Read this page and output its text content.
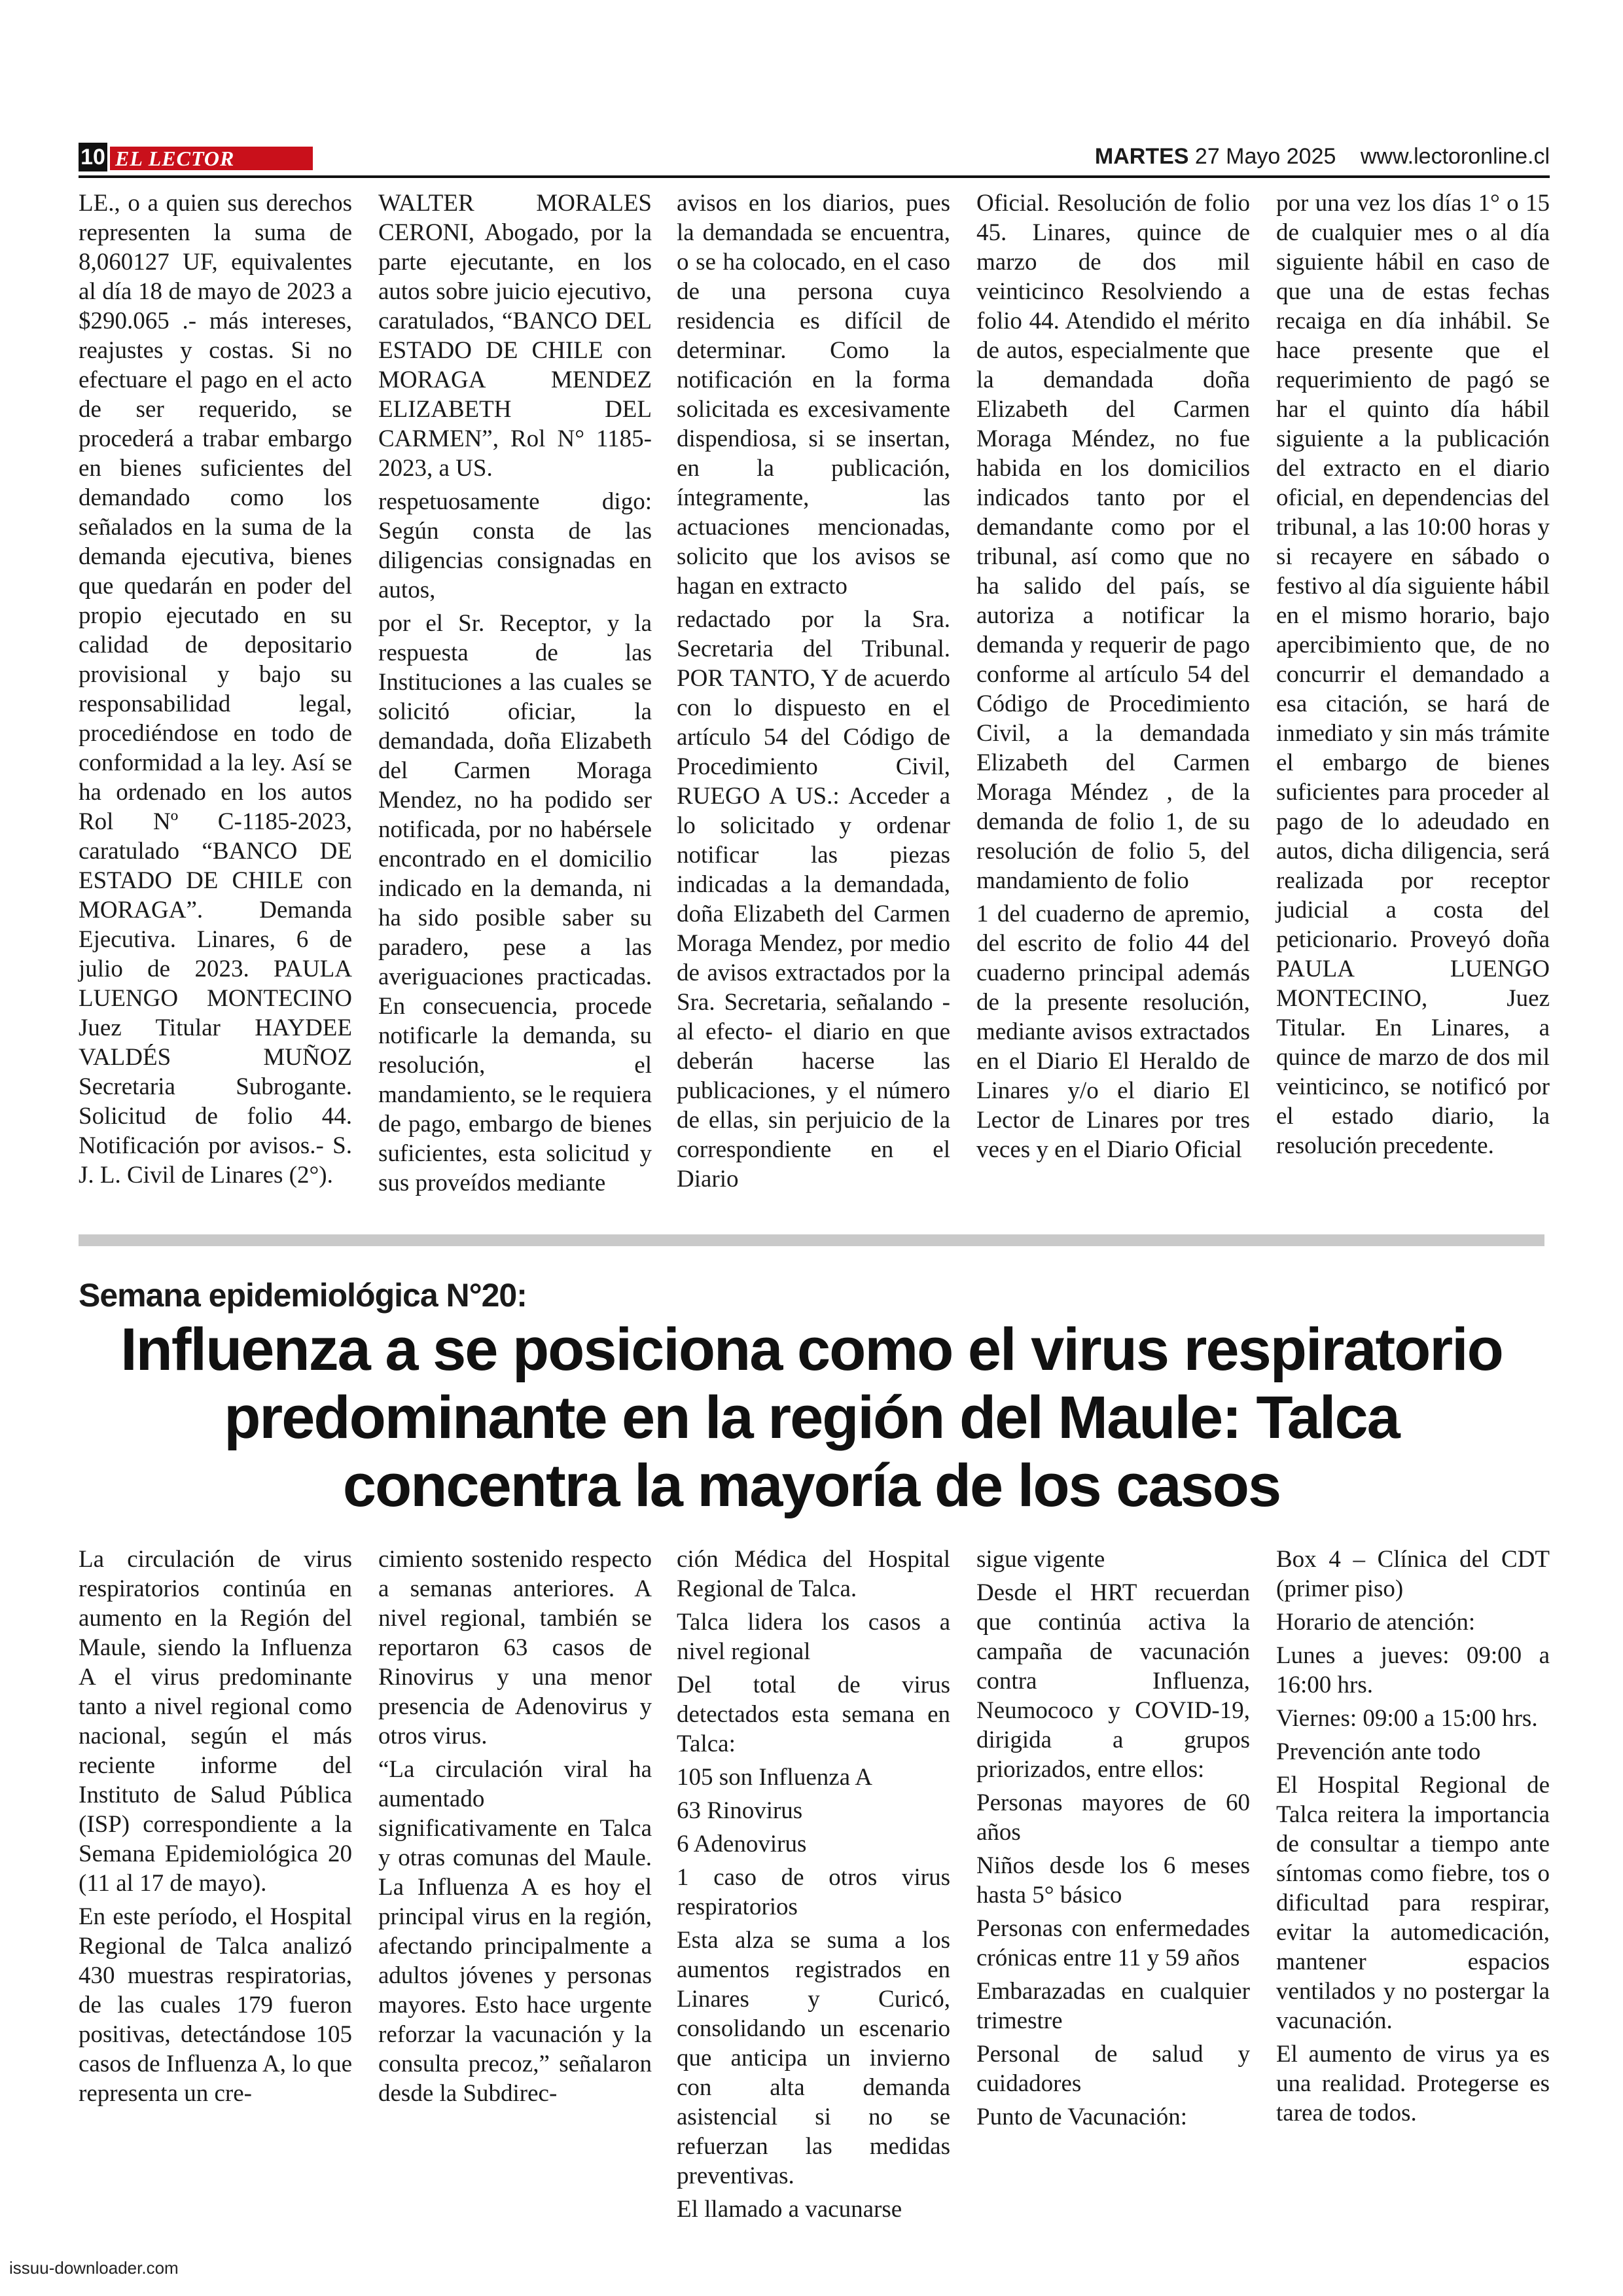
10 EL LECTOR	MARTES 27 Mayo 2025 www.lectoronline.cl

LE., o a quien sus derechos representen la suma de 8,060127 UF, equivalentes al día 18 de mayo de 2023 a $290.065 .- más intereses, reajustes y costas. Si no efectuare el pago en el acto de ser requerido, se procederá a trabar embargo en bienes suficientes del demandado como los señalados en la suma de la demanda ejecutiva, bienes que quedarán en poder del propio ejecutado en su calidad de depositario provisional y bajo su responsabilidad legal, procediéndose en todo de conformidad a la ley. Así se ha ordenado en los autos Rol Nº C-1185-2023, caratulado “BANCO DE ESTADO DE CHILE con MORAGA”. Demanda Ejecutiva. Linares, 6 de julio de 2023. PAULA LUENGO MONTECINO Juez Titular HAYDEE VALDÉS MUÑOZ Secretaria Subrogante. Solicitud de folio 44. Notificación por avisos.- S. J. L. Civil de Linares (2°).

WALTER MORALES CERONI, Abogado, por la parte ejecutante, en los autos sobre juicio ejecutivo, caratulados, “BANCO DEL ESTADO DE CHILE con MORAGA MENDEZ ELIZABETH DEL CARMEN”, Rol N° 1185-2023, a US.

respetuosamente digo: Según consta de las diligencias consignadas en autos,

por el Sr. Receptor, y la respuesta de las Instituciones a las cuales se solicitó oficiar, la demandada, doña Elizabeth del Carmen Moraga Mendez, no ha podido ser notificada, por no habérsele encontrado en el domicilio indicado en la demanda, ni ha sido posible saber su paradero, pese a las averiguaciones practicadas. En consecuencia, procede notificarle la demanda, su resolución, el mandamiento, se le requiera de pago, embargo de bienes suficientes, esta solicitud y sus proveídos mediante

avisos en los diarios, pues la demandada se encuentra, o se ha colocado, en el caso de una persona cuya residencia es difícil de determinar. Como la notificación en la forma solicitada es excesivamente dispendiosa, si se insertan, en la publicación, íntegramente, las actuaciones mencionadas, solicito que los avisos se hagan en extracto

redactado por la Sra. Secretaria del Tribunal. POR TANTO, Y de acuerdo con lo dispuesto en el artículo 54 del Código de Procedimiento Civil, RUEGO A US.: Acceder a lo solicitado y ordenar notificar las piezas indicadas a la demandada, doña Elizabeth del Carmen Moraga Mendez, por medio de avisos extractados por la Sra. Secretaria, señalando -al efecto- el diario en que deberán hacerse las publicaciones, y el número de ellas, sin perjuicio de la correspondiente en el Diario

Oficial. Resolución de folio 45. Linares, quince de marzo de dos mil veinticinco Resolviendo a folio 44. Atendido el mérito de autos, especialmente que la demandada doña Elizabeth del Carmen Moraga Méndez, no fue habida en los domicilios indicados tanto por el demandante como por el tribunal, así como que no ha salido del país, se autoriza a notificar la demanda y requerir de pago conforme al artículo 54 del Código de Procedimiento Civil, a la demandada Elizabeth del Carmen Moraga Méndez , de la demanda de folio 1, de su resolución de folio 5, del mandamiento de folio

1 del cuaderno de apremio, del escrito de folio 44 del cuaderno principal además de la presente resolución, mediante avisos extractados en el Diario El Heraldo de Linares y/o el diario El Lector de Linares por tres veces y en el Diario Oficial

por una vez los días 1° o 15 de cualquier mes o al día siguiente hábil en caso de que una de estas fechas recaiga en día inhábil. Se hace presente que el requerimiento de pagó se har el quinto día hábil siguiente a la publicación del extracto en el diario oficial, en dependencias del tribunal, a las 10:00 horas y si recayere en sábado o festivo al día siguiente hábil en el mismo horario, bajo apercibimiento que, de no concurrir el demandado a esa citación, se hará de inmediato y sin más trámite el embargo de bienes suficientes para proceder al pago de lo adeudado en autos, dicha diligencia, será realizada por receptor judicial a costa del peticionario. Proveyó doña PAULA LUENGO MONTECINO, Juez Titular. En Linares, a quince de marzo de dos mil veinticinco, se notificó por el estado diario, la resolución precedente.

Semana epidemiológica N°20:
Influenza a se posiciona como el virus respiratorio predominante en la región del Maule: Talca concentra la mayoría de los casos

La circulación de virus respiratorios continúa en aumento en la Región del Maule, siendo la Influenza A el virus predominante tanto a nivel regional como nacional, según el más reciente informe del Instituto de Salud Pública (ISP) correspondiente a la Semana Epidemiológica 20 (11 al 17 de mayo).

En este período, el Hospital Regional de Talca analizó 430 muestras respiratorias, de las cuales 179 fueron positivas, detectándose 105 casos de Influenza A, lo que representa un cre-

cimiento sostenido respecto a semanas anteriores. A nivel regional, también se reportaron 63 casos de Rinovirus y una menor presencia de Adenovirus y otros virus.

“La circulación viral ha aumentado significativamente en Talca y otras comunas del Maule. La Influenza A es hoy el principal virus en la región, afectando principalmente a adultos jóvenes y personas mayores. Esto hace urgente reforzar la vacunación y la consulta precoz,” señalaron desde la Subdirec-

ción Médica del Hospital Regional de Talca.

Talca lidera los casos a nivel regional

Del total de virus detectados esta semana en Talca:

105 son Influenza A

63 Rinovirus

6 Adenovirus

1 caso de otros virus respiratorios

Esta alza se suma a los aumentos registrados en Linares y Curicó, consolidando un escenario que anticipa un invierno con alta demanda asistencial si no se refuerzan las medidas preventivas.

El llamado a vacunarse

sigue vigente

Desde el HRT recuerdan que continúa activa la campaña de vacunación contra Influenza, Neumococo y COVID-19, dirigida a grupos priorizados, entre ellos:

Personas mayores de 60 años

Niños desde los 6 meses hasta 5° básico

Personas con enfermedades crónicas entre 11 y 59 años

Embarazadas en cualquier trimestre

Personal de salud y cuidadores

Punto de Vacunación:

Box 4 – Clínica del CDT (primer piso)

Horario de atención:

Lunes a jueves: 09:00 a 16:00 hrs.

Viernes: 09:00 a 15:00 hrs.

Prevención ante todo

El Hospital Regional de Talca reitera la importancia de consultar a tiempo ante síntomas como fiebre, tos o dificultad para respirar, evitar la automedicación, mantener espacios ventilados y no postergar la vacunación.

El aumento de virus ya es una realidad. Protegerse es tarea de todos.

issuu-downloader.com
